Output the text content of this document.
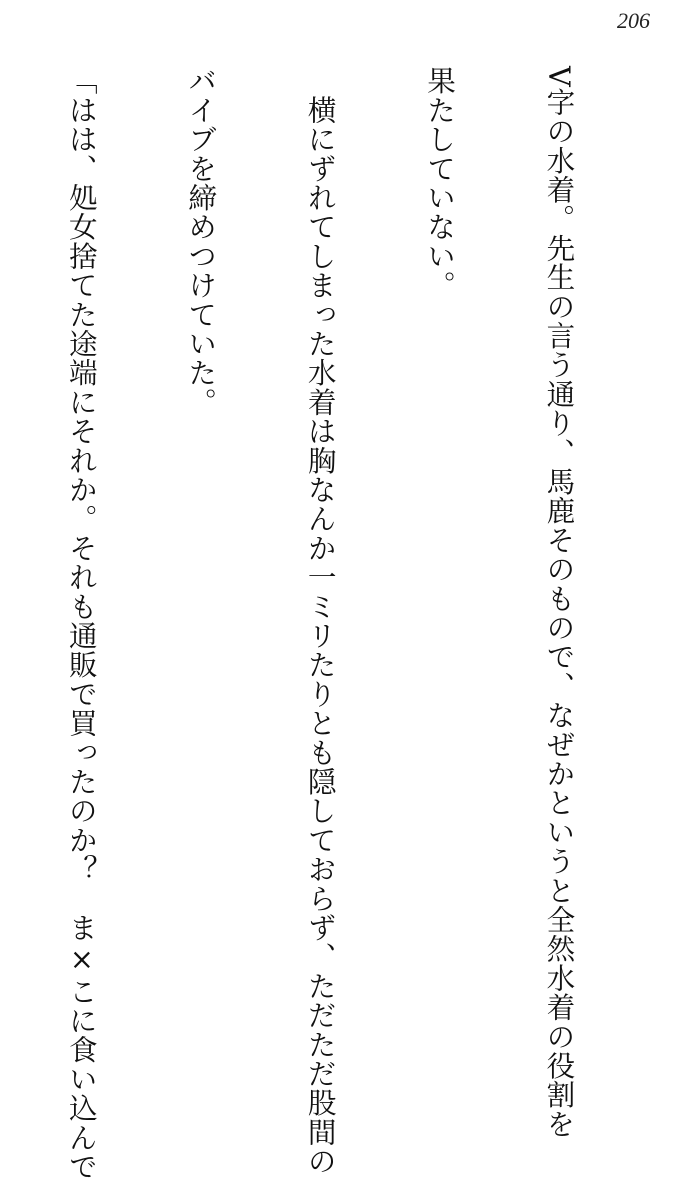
206

V字の水着。先生の言う通り、馬鹿そのもので、なぜかというと全然水着の役割を

果たしていない。

　横にずれてしまった水着は胸なんか一ミリたりとも隠しておらず、ただただ股間の

バイブを締めつけていた。

「はは、処女捨てた途端にそれか。それも通販で買ったのか？　ま×こに食い込んで
